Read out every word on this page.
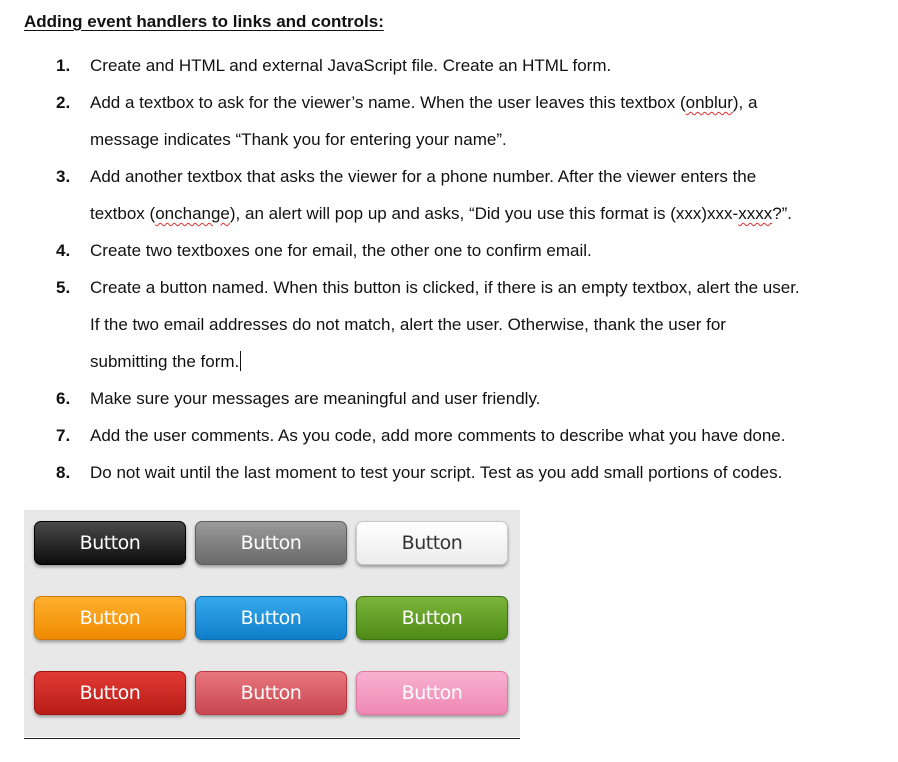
Adding event handlers to links and controls:
1.	Create and HTML and external JavaScript file. Create an HTML form.
2.	Add a textbox to ask for the viewer’s name. When the user leaves this textbox (onblur), a
message indicates “Thank you for entering your name”.
3.	Add another textbox that asks the viewer for a phone number. After the viewer enters the
textbox (onchange), an alert will pop up and asks, “Did you use this format is (xxx)xxx-xxxx?”.
4.	Create two textboxes one for email, the other one to confirm email.
5.	Create a button named. When this button is clicked, if there is an empty textbox, alert the user.
If the two email addresses do not match, alert the user. Otherwise, thank the user for
submitting the form.
6.	Make sure your messages are meaningful and user friendly.
7.	Add the user comments. As you code, add more comments to describe what you have done.
8.	Do not wait until the last moment to test your script. Test as you add small portions of codes.
Button	Button	Button
Button	Button	Button
Button	Button	Button
